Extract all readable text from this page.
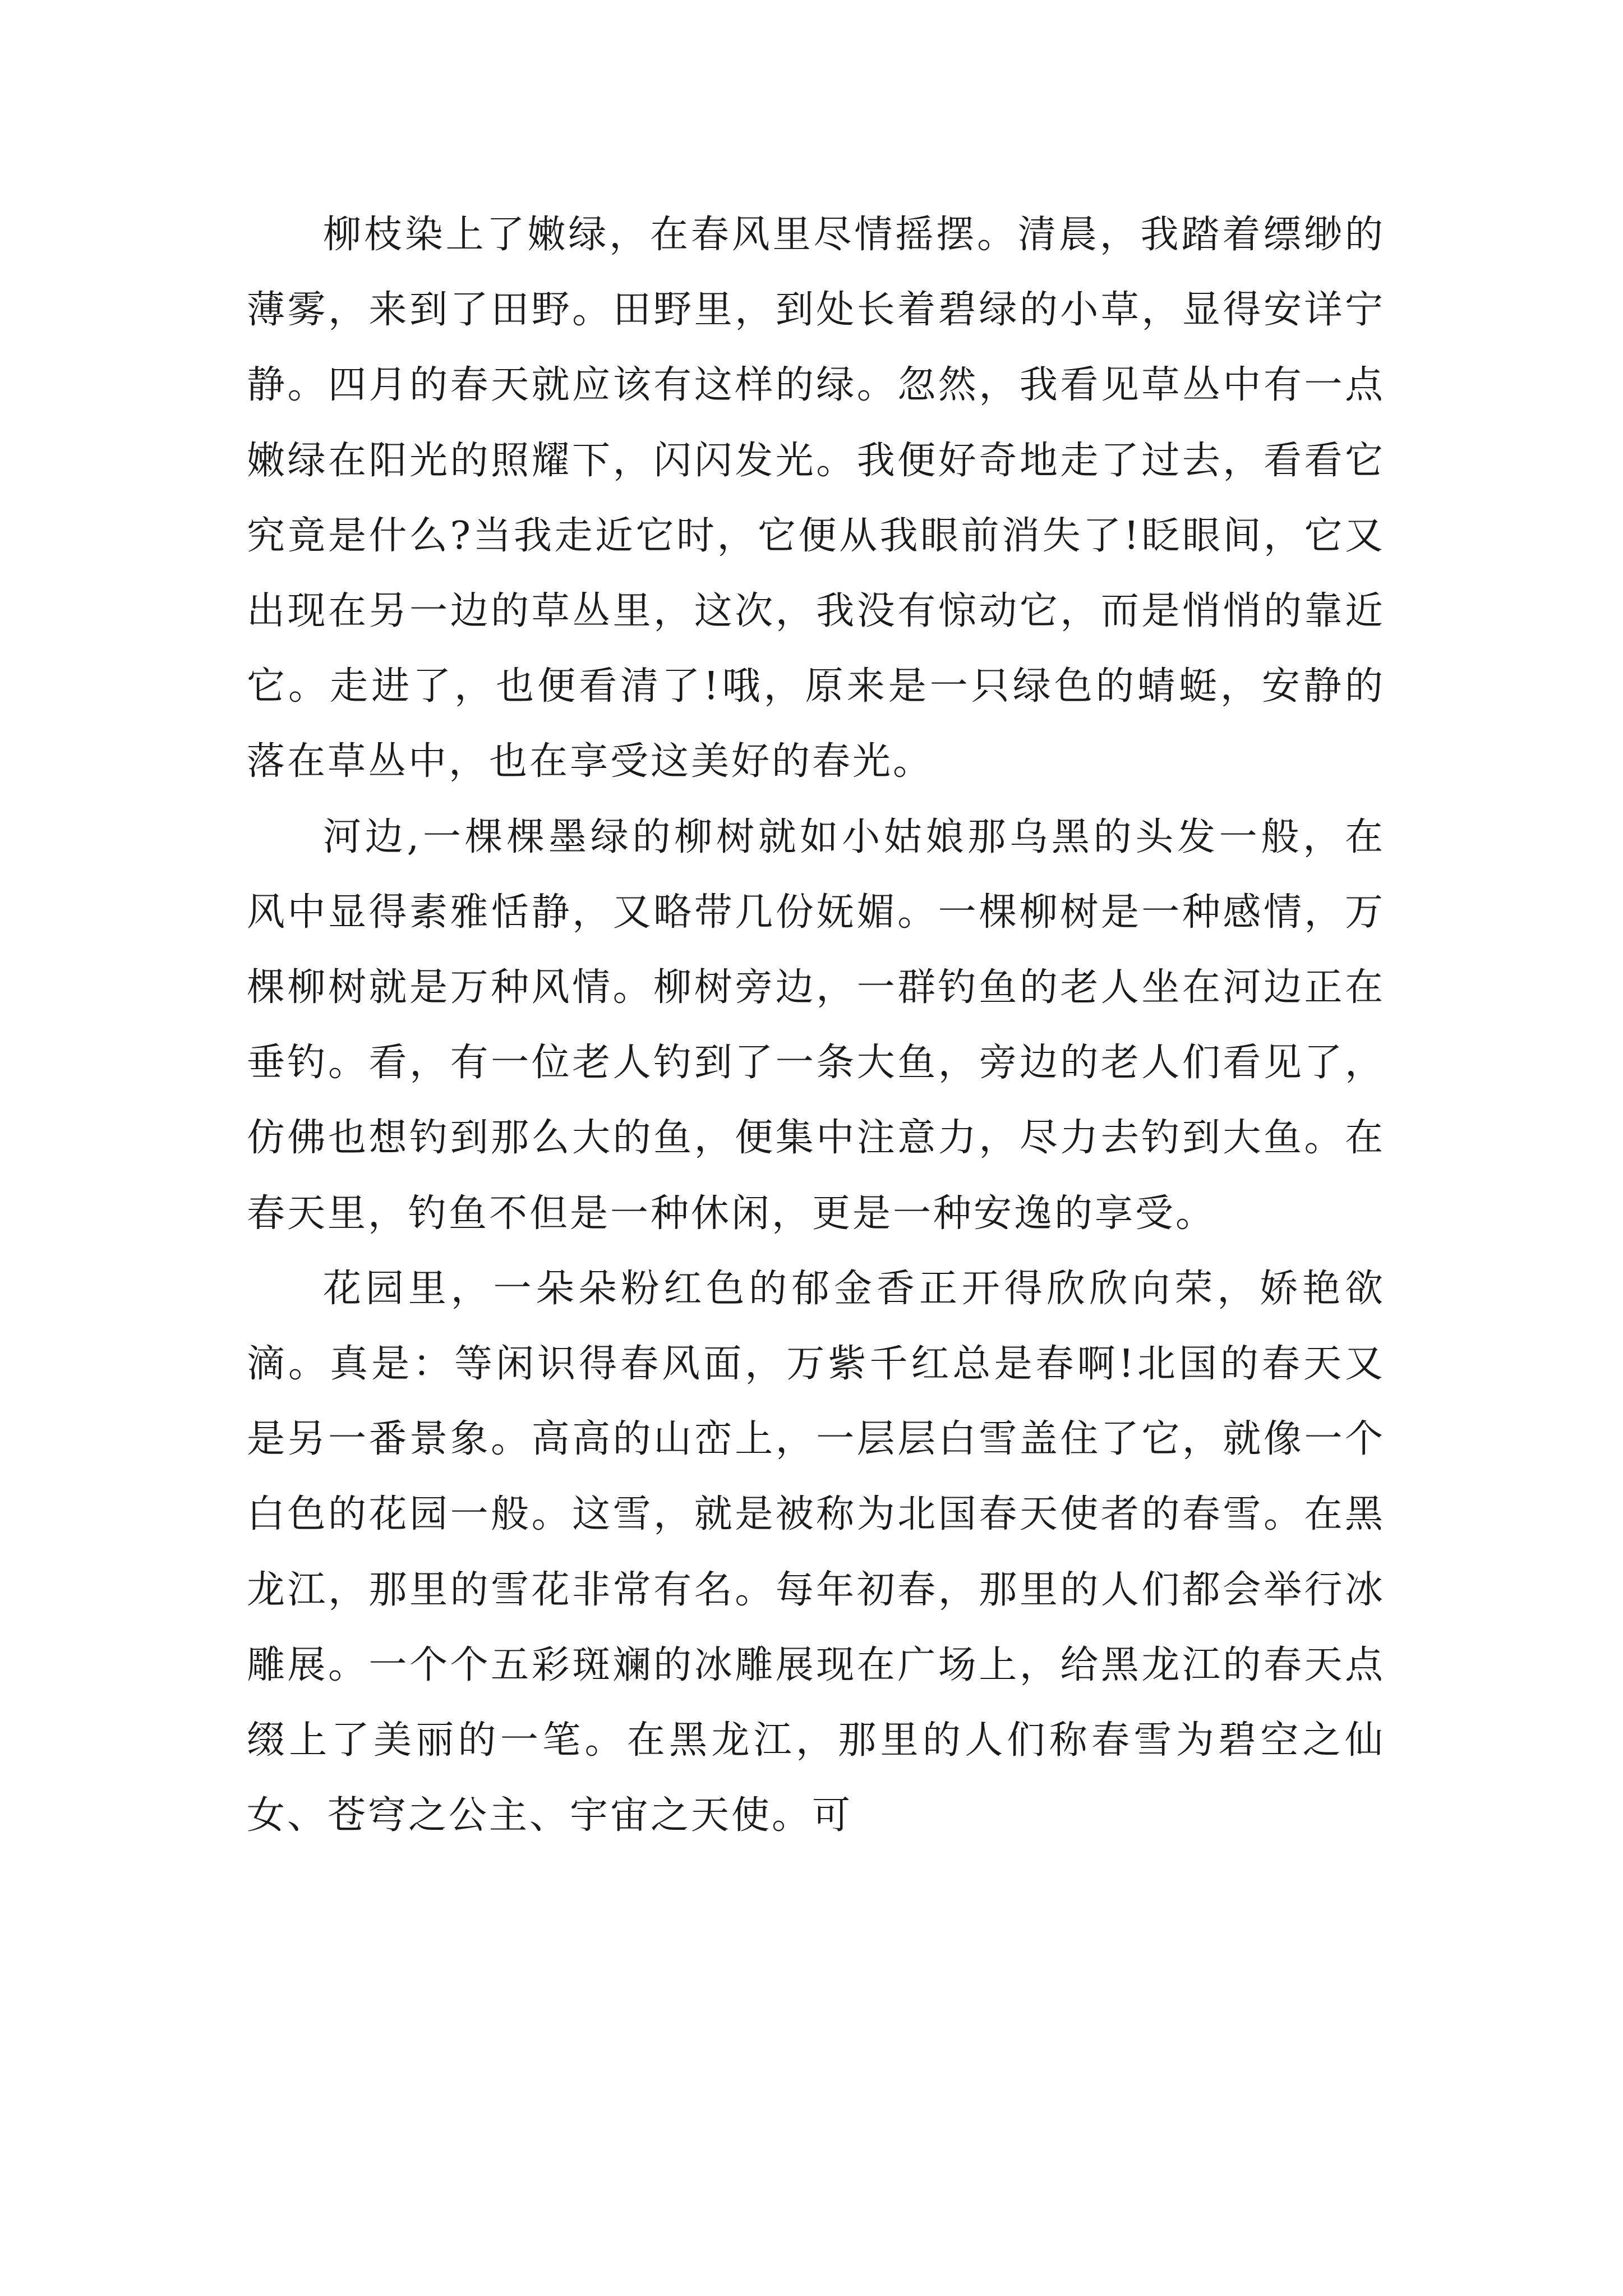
柳枝染上了嫩绿，在春风里尽情摇摆。清晨，我踏着缥缈的薄雾，来到了田野。田野里，到处长着碧绿的小草，显得安详宁静。四月的春天就应该有这样的绿。忽然，我看见草丛中有一点嫩绿在阳光的照耀下，闪闪发光。我便好奇地走了过去，看看它究竟是什么?当我走近它时，它便从我眼前消失了!眨眼间，它又出现在另一边的草丛里，这次，我没有惊动它，而是悄悄的靠近它。走进了，也便看清了!哦，原来是一只绿色的蜻蜓，安静的落在草丛中，也在享受这美好的春光。

河边,一棵棵墨绿的柳树就如小姑娘那乌黑的头发一般，在风中显得素雅恬静，又略带几份妩媚。一棵柳树是一种感情，万棵柳树就是万种风情。柳树旁边，一群钓鱼的老人坐在河边正在垂钓。看，有一位老人钓到了一条大鱼，旁边的老人们看见了，仿佛也想钓到那么大的鱼，便集中注意力，尽力去钓到大鱼。在春天里，钓鱼不但是一种休闲，更是一种安逸的享受。

花园里，一朵朵粉红色的郁金香正开得欣欣向荣，娇艳欲滴。真是：等闲识得春风面，万紫千红总是春啊!北国的春天又是另一番景象。高高的山峦上，一层层白雪盖住了它，就像一个白色的花园一般。这雪，就是被称为北国春天使者的春雪。在黑龙江，那里的雪花非常有名。每年初春，那里的人们都会举行冰雕展。一个个五彩斑斓的冰雕展现在广场上，给黑龙江的春天点缀上了美丽的一笔。在黑龙江，那里的人们称春雪为碧空之仙女、苍穹之公主、宇宙之天使。可
